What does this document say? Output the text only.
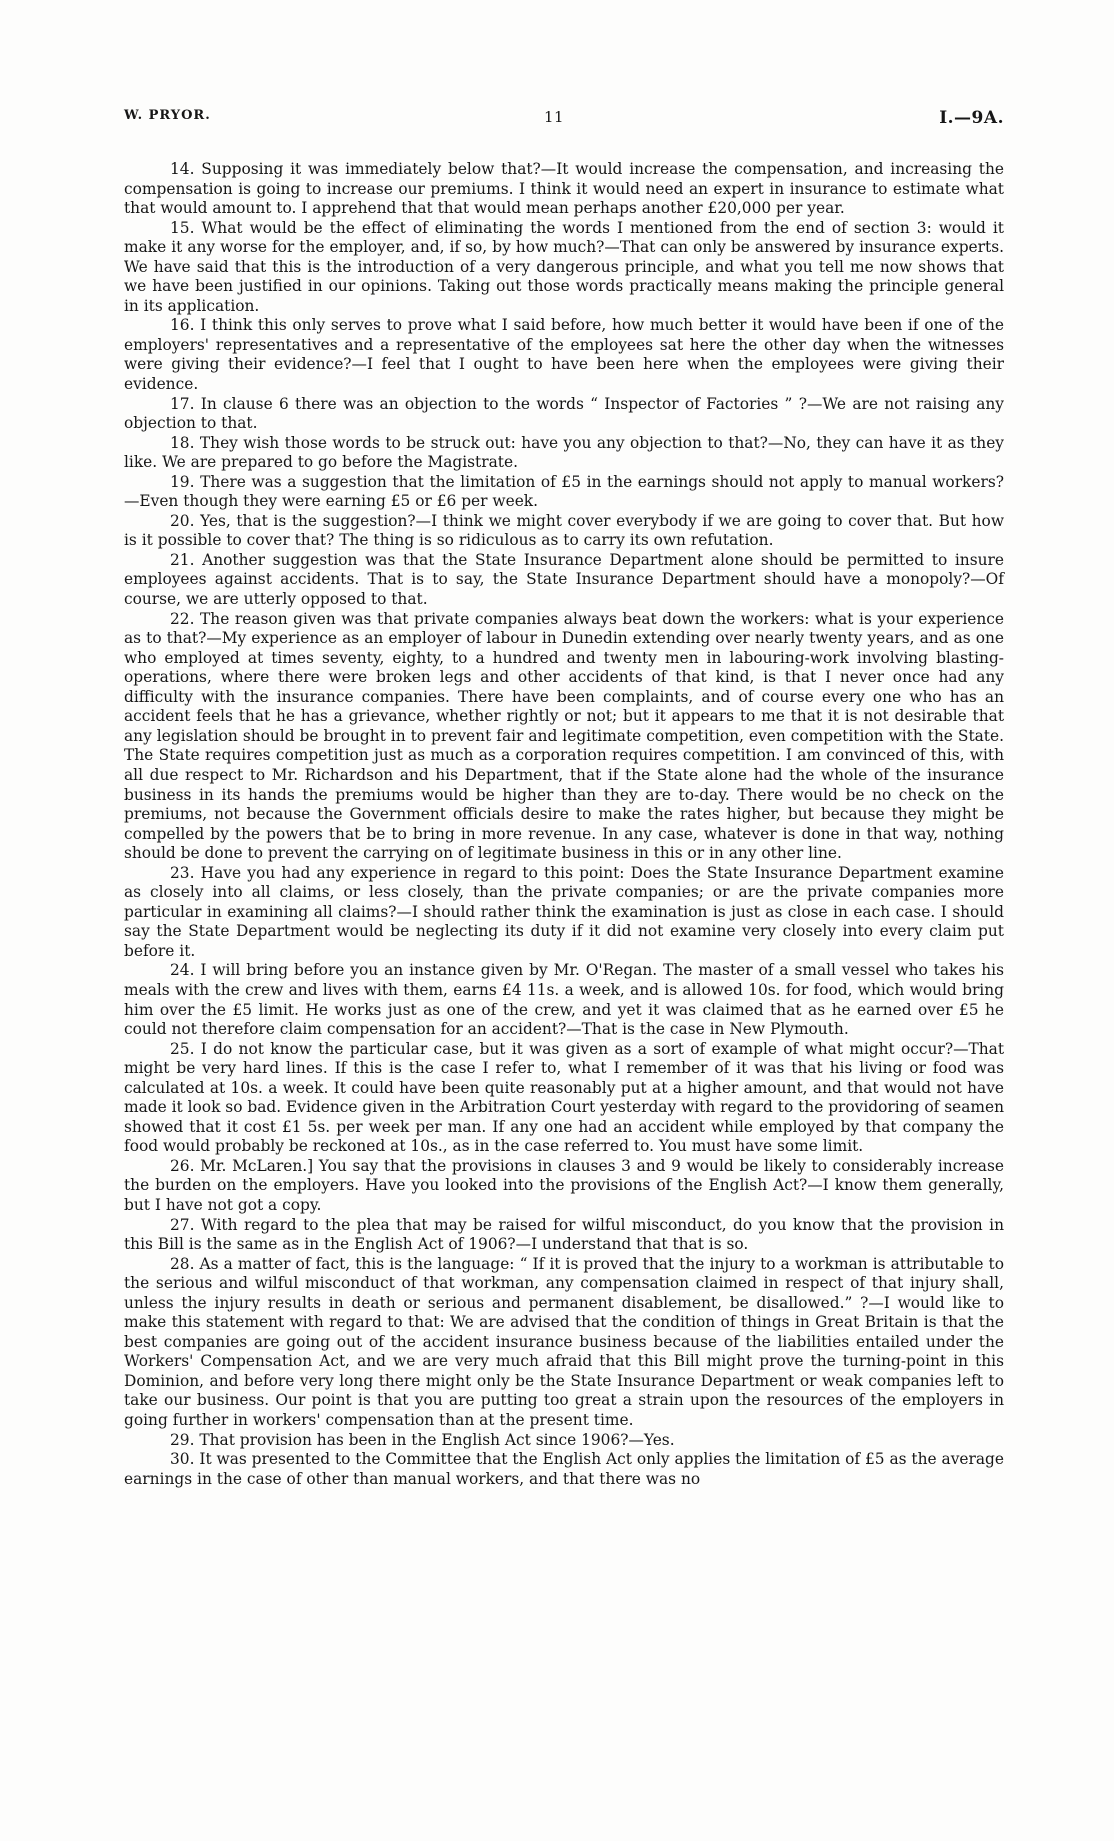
W. PRYOR.	11	I.—9A.

14. Supposing it was immediately below that?—It would increase the compensation, and increasing the compensation is going to increase our premiums. I think it would need an expert in insurance to estimate what that would amount to. I apprehend that that would mean perhaps another £20,000 per year.

15. What would be the effect of eliminating the words I mentioned from the end of section 3: would it make it any worse for the employer, and, if so, by how much?—That can only be answered by insurance experts. We have said that this is the introduction of a very dangerous principle, and what you tell me now shows that we have been justified in our opinions. Taking out those words practically means making the principle general in its application.

16. I think this only serves to prove what I said before, how much better it would have been if one of the employers' representatives and a representative of the employees sat here the other day when the witnesses were giving their evidence?—I feel that I ought to have been here when the employees were giving their evidence.

17. In clause 6 there was an objection to the words “ Inspector of Factories ” ?—We are not raising any objection to that.

18. They wish those words to be struck out: have you any objection to that?—No, they can have it as they like. We are prepared to go before the Magistrate.

19. There was a suggestion that the limitation of £5 in the earnings should not apply to manual workers?—Even though they were earning £5 or £6 per week.

20. Yes, that is the suggestion?—I think we might cover everybody if we are going to cover that. But how is it possible to cover that? The thing is so ridiculous as to carry its own refutation.

21. Another suggestion was that the State Insurance Department alone should be permitted to insure employees against accidents. That is to say, the State Insurance Department should have a monopoly?—Of course, we are utterly opposed to that.

22. The reason given was that private companies always beat down the workers: what is your experience as to that?—My experience as an employer of labour in Dunedin extending over nearly twenty years, and as one who employed at times seventy, eighty, to a hundred and twenty men in labouring-work involving blasting-operations, where there were broken legs and other accidents of that kind, is that I never once had any difficulty with the insurance companies. There have been complaints, and of course every one who has an accident feels that he has a grievance, whether rightly or not; but it appears to me that it is not desirable that any legislation should be brought in to prevent fair and legitimate competition, even competition with the State. The State requires competition just as much as a corporation requires competition. I am convinced of this, with all due respect to Mr. Richardson and his Department, that if the State alone had the whole of the insurance business in its hands the premiums would be higher than they are to-day. There would be no check on the premiums, not because the Government officials desire to make the rates higher, but because they might be compelled by the powers that be to bring in more revenue. In any case, whatever is done in that way, nothing should be done to prevent the carrying on of legitimate business in this or in any other line.

23. Have you had any experience in regard to this point: Does the State Insurance Department examine as closely into all claims, or less closely, than the private companies; or are the private companies more particular in examining all claims?—I should rather think the examination is just as close in each case. I should say the State Department would be neglecting its duty if it did not examine very closely into every claim put before it.

24. I will bring before you an instance given by Mr. O'Regan. The master of a small vessel who takes his meals with the crew and lives with them, earns £4 11s. a week, and is allowed 10s. for food, which would bring him over the £5 limit. He works just as one of the crew, and yet it was claimed that as he earned over £5 he could not therefore claim compensation for an accident?—That is the case in New Plymouth.

25. I do not know the particular case, but it was given as a sort of example of what might occur?—That might be very hard lines. If this is the case I refer to, what I remember of it was that his living or food was calculated at 10s. a week. It could have been quite reasonably put at a higher amount, and that would not have made it look so bad. Evidence given in the Arbitration Court yesterday with regard to the providoring of seamen showed that it cost £1 5s. per week per man. If any one had an accident while employed by that company the food would probably be reckoned at 10s., as in the case referred to. You must have some limit.

26. Mr. McLaren.] You say that the provisions in clauses 3 and 9 would be likely to considerably increase the burden on the employers. Have you looked into the provisions of the English Act?—I know them generally, but I have not got a copy.

27. With regard to the plea that may be raised for wilful misconduct, do you know that the provision in this Bill is the same as in the English Act of 1906?—I understand that that is so.

28. As a matter of fact, this is the language: “ If it is proved that the injury to a workman is attributable to the serious and wilful misconduct of that workman, any compensation claimed in respect of that injury shall, unless the injury results in death or serious and permanent disablement, be disallowed.” ?—I would like to make this statement with regard to that: We are advised that the condition of things in Great Britain is that the best companies are going out of the accident insurance business because of the liabilities entailed under the Workers' Compensation Act, and we are very much afraid that this Bill might prove the turning-point in this Dominion, and before very long there might only be the State Insurance Department or weak companies left to take our business. Our point is that you are putting too great a strain upon the resources of the employers in going further in workers' compensation than at the present time.

29. That provision has been in the English Act since 1906?—Yes.

30. It was presented to the Committee that the English Act only applies the limitation of £5 as the average earnings in the case of other than manual workers, and that there was no
